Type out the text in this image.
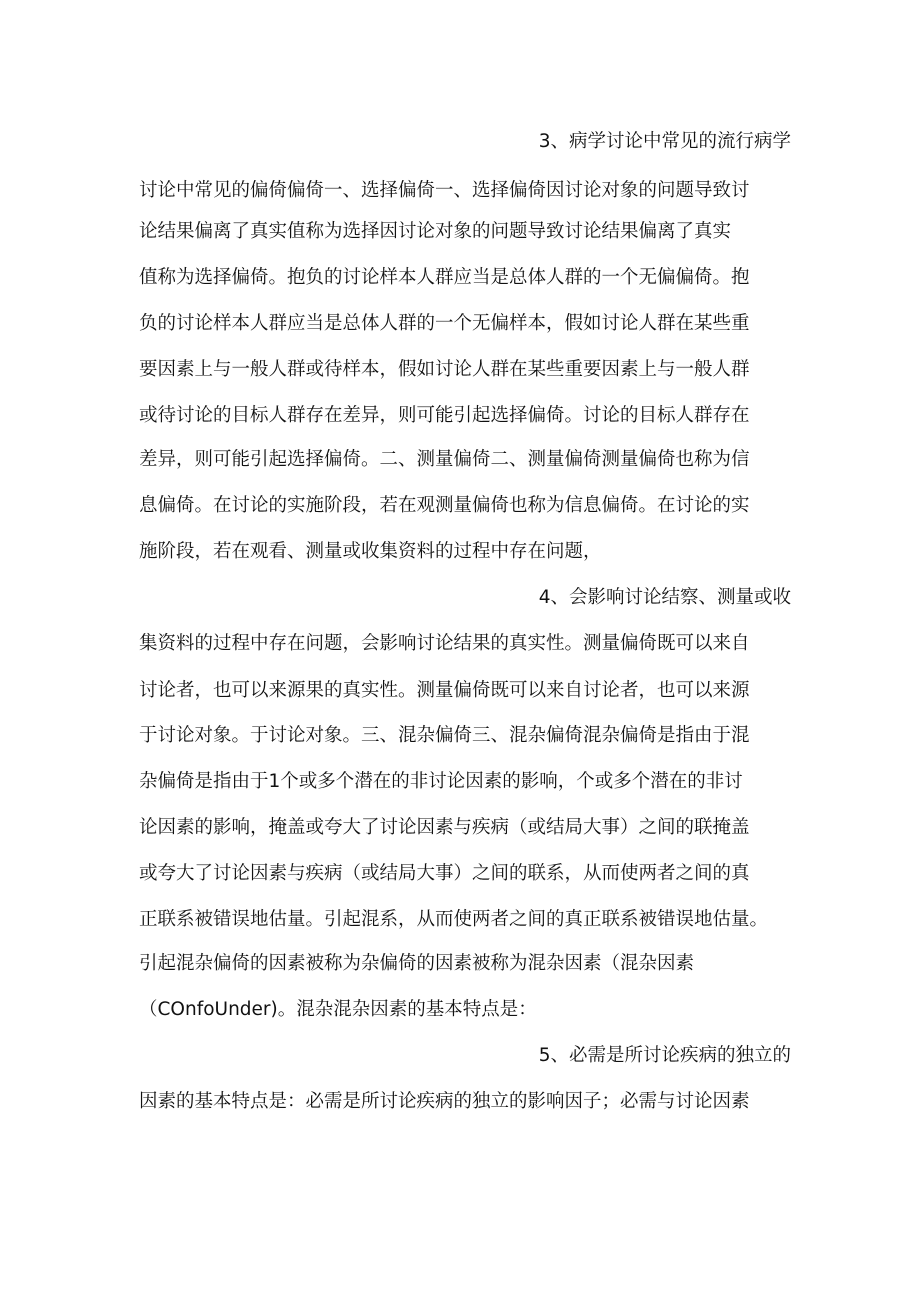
3、病学讨论中常见的流行病学
讨论中常见的偏倚偏倚一、选择偏倚一、选择偏倚因讨论对象的问题导致讨
论结果偏离了真实值称为选择因讨论对象的问题导致讨论结果偏离了真实
值称为选择偏倚。抱负的讨论样本人群应当是总体人群的一个无偏偏倚。抱
负的讨论样本人群应当是总体人群的一个无偏样本，假如讨论人群在某些重
要因素上与一般人群或待样本，假如讨论人群在某些重要因素上与一般人群
或待讨论的目标人群存在差异，则可能引起选择偏倚。讨论的目标人群存在
差异，则可能引起选择偏倚。二、测量偏倚二、测量偏倚测量偏倚也称为信
息偏倚。在讨论的实施阶段，若在观测量偏倚也称为信息偏倚。在讨论的实
施阶段，若在观看、测量或收集资料的过程中存在问题，
4、会影响讨论结察、测量或收
集资料的过程中存在问题，会影响讨论结果的真实性。测量偏倚既可以来自
讨论者，也可以来源果的真实性。测量偏倚既可以来自讨论者，也可以来源
于讨论对象。于讨论对象。三、混杂偏倚三、混杂偏倚混杂偏倚是指由于混
杂偏倚是指由于1个或多个潜在的非讨论因素的影响，个或多个潜在的非讨
论因素的影响，掩盖或夸大了讨论因素与疾病（或结局大事）之间的联掩盖
或夸大了讨论因素与疾病（或结局大事）之间的联系，从而使两者之间的真
正联系被错误地估量。引起混系，从而使两者之间的真正联系被错误地估量。
引起混杂偏倚的因素被称为杂偏倚的因素被称为混杂因素（混杂因素
（COnfoUnder)。混杂混杂因素的基本特点是：
5、必需是所讨论疾病的独立的
因素的基本特点是：必需是所讨论疾病的独立的影响因子；必需与讨论因素
